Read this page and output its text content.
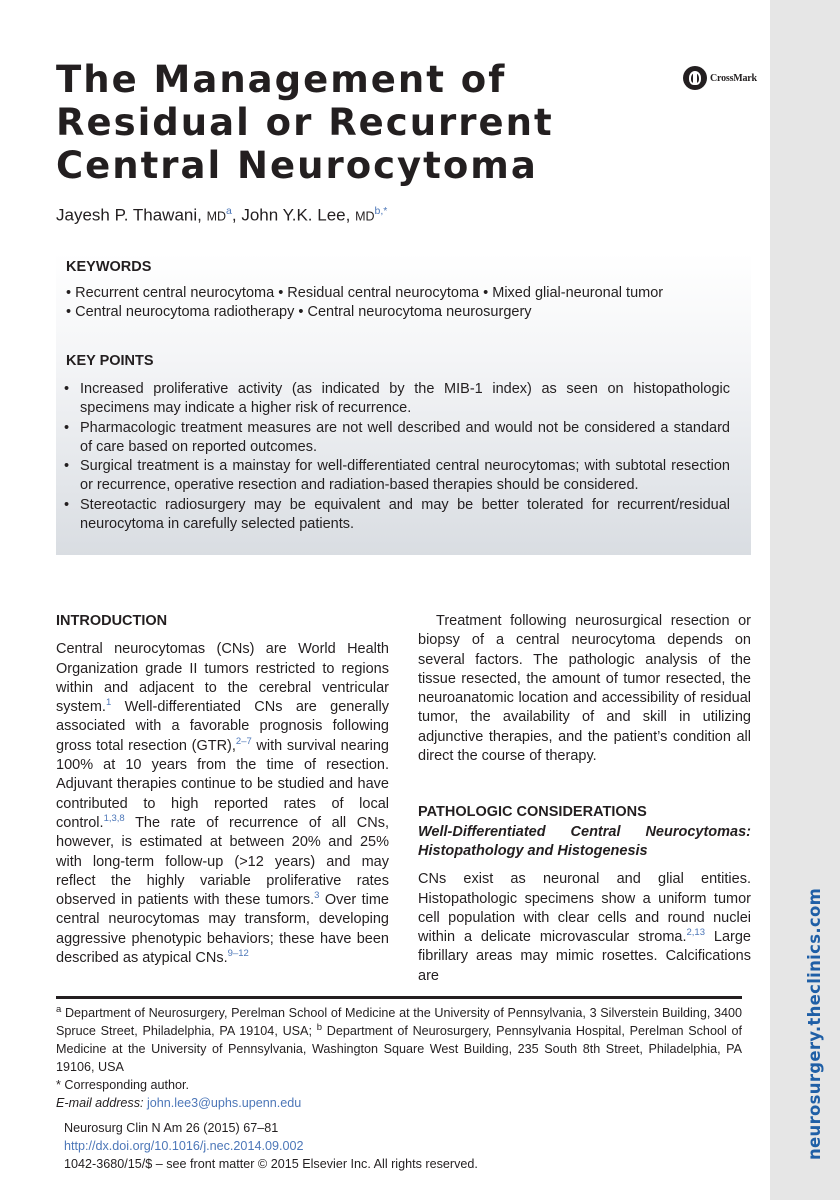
neurosurgery.theclinics.com
The Management of
Residual or Recurrent
Central Neurocytoma
CrossMark
Jayesh P. Thawani, $MD^a$, John Y.K. Lee, $MD^{b,*}$
KEYWORDS
• Recurrent central neurocytoma • Residual central neurocytoma • Mixed glial-neuronal tumor
• Central neurocytoma radiotherapy • Central neurocytoma neurosurgery
KEY POINTS
• Increased proliferative activity (as indicated by the MIB-1 index) as seen on histopathologic specimens may indicate a higher risk of recurrence.
• Pharmacologic treatment measures are not well described and would not be considered a standard of care based on reported outcomes.
• Surgical treatment is a mainstay for well-differentiated central neurocytomas; with subtotal resection or recurrence, operative resection and radiation-based therapies should be considered.
• Stereotactic radiosurgery may be equivalent and may be better tolerated for recurrent/residual neurocytoma in carefully selected patients.
INTRODUCTION

Central neurocytomas (CNs) are World Health Organization grade II tumors restricted to regions within and adjacent to the cerebral ventricular system.$^1$ Well-differentiated CNs are generally associated with a favorable prognosis following gross total resection (GTR),$^{2-7}$ with survival nearing 100% at 10 years from the time of resection. Adjuvant therapies continue to be studied and have contributed to high reported rates of local control.$^{1,3,8}$ The rate of recurrence of all CNs, however, is estimated at between 20% and 25% with long-term follow-up (>12 years) and may reflect the highly variable proliferative rates observed in patients with these tumors.$^3$ Over time central neurocytomas may transform, developing aggressive phenotypic behaviors; these have been described as atypical CNs.$^{9-12}$

Treatment following neurosurgical resection or biopsy of a central neurocytoma depends on several factors. The pathologic analysis of the tissue resected, the amount of tumor resected, the neuroanatomic location and accessibility of residual tumor, the availability of and skill in utilizing adjunctive therapies, and the patient’s condition all direct the course of therapy.

PATHOLOGIC CONSIDERATIONS
Well-Differentiated Central Neurocytomas: Histopathology and Histogenesis

CNs exist as neuronal and glial entities. Histopathologic specimens show a uniform tumor cell population with clear cells and round nuclei within a delicate microvascular stroma.$^{2,13}$ Large fibrillary areas may mimic rosettes. Calcifications are

$^a$ Department of Neurosurgery, Perelman School of Medicine at the University of Pennsylvania, 3 Silverstein Building, 3400 Spruce Street, Philadelphia, PA 19104, USA; $^b$ Department of Neurosurgery, Pennsylvania Hospital, Perelman School of Medicine at the University of Pennsylvania, Washington Square West Building, 235 South 8th Street, Philadelphia, PA 19106, USA

* Corresponding author.

E-mail address: john.lee3@uphs.upenn.edu

Neurosurg Clin N Am 26 (2015) 67–81

http://dx.doi.org/10.1016/j.nec.2014.09.002

1042-3680/15/$ – see front matter © 2015 Elsevier Inc. All rights reserved.
